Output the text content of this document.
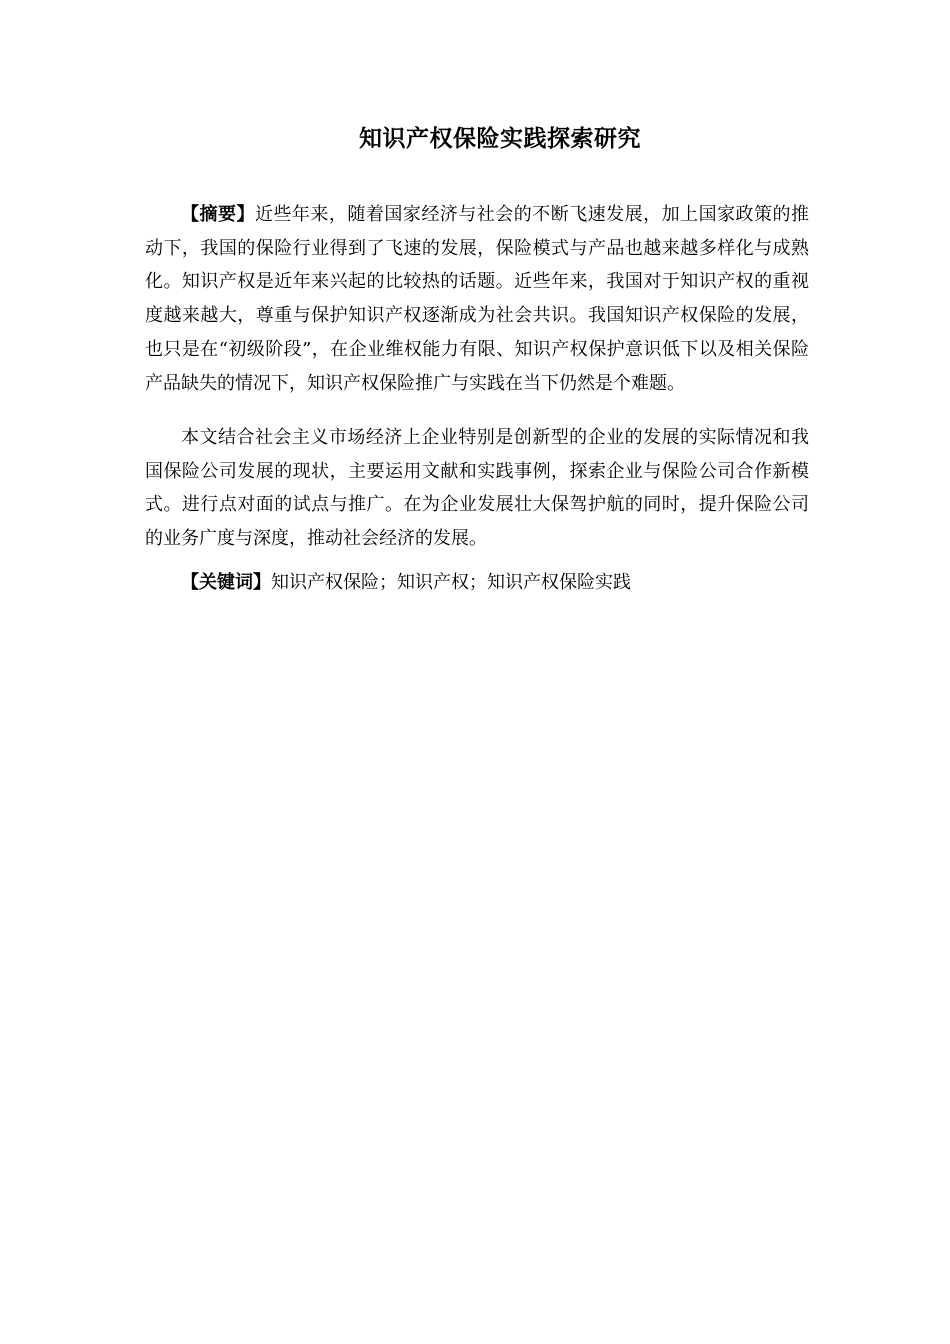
知识产权保险实践探索研究

【摘要】近些年来，随着国家经济与社会的不断飞速发展，加上国家政策的推动下，我国的保险行业得到了飞速的发展，保险模式与产品也越来越多样化与成熟化。知识产权是近年来兴起的比较热的话题。近些年来，我国对于知识产权的重视度越来越大，尊重与保护知识产权逐渐成为社会共识。我国知识产权保险的发展，也只是在“初级阶段”，在企业维权能力有限、知识产权保护意识低下以及相关保险产品缺失的情况下，知识产权保险推广与实践在当下仍然是个难题。

本文结合社会主义市场经济上企业特别是创新型的企业的发展的实际情况和我国保险公司发展的现状，主要运用文献和实践事例，探索企业与保险公司合作新模式。进行点对面的试点与推广。在为企业发展壮大保驾护航的同时，提升保险公司的业务广度与深度，推动社会经济的发展。

【关键词】知识产权保险；知识产权；知识产权保险实践
